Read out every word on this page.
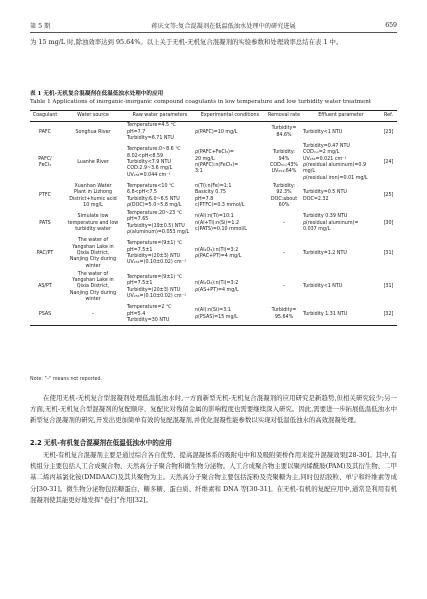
第 5 期	蒋庆文等:复合混凝剂在低温低浊水处理中的研究进展	659

为 15 mg/L 时,除浊效率达到 95.64%。以上关于无机-无机复合混凝剂的实验参数和处理效率总结在表 1 中。

表 1 无机-无机复合混凝剂在低温低浊水处理中的应用
Table 1 Applications of inorganic-inorganic compound coagulants in low temperature and low turbidity water treatment
Coagulant	Water source	Raw water parameters	Experimental conditions	Removal rate	Effluent parameter	Ref.

PAFC	Songhua River	Temperature=4.5 ℃
pH=7.7
Turbidity=6.71 NTU	ρ(PAFC)=10 mg/L	Turbidity=
84.6%	Turbidity<1 NTU	[23]

PAFC/
FeCl₃	Luanhe River	Temperature:0~8.6 ℃
8.02<pH<8.59
Turbidity<7.9 NTU
COD:2.9~3.6 mg/L
UV₂₅₄=0.044 cm⁻¹	ρ(PAFC+FeCl₃)=
20 mg/L
n(PAFC):n(FeCl₃)=
3:1	Turbidity:
94%
COD₃ₘ:43%
UV₂₅₄:64%	Turbidity=0.47 NTU
CODₘₙ=2 mg/L
UV₂₅₄=0.021 cm⁻¹
ρ(residual aluminum)=0.9 mg/L
ρ(residual iron)=0.01 mg/L	[24]

PTFC	Xuanhan Water
Plant in Lizhong
District+humic acid
10 mg/L	Temperature<10 ℃
6.8<pH<7.5
Turbidity:6.0~6.5 NTU
ρ(DOC)=5.0~5.8 mg/L	n(Ti):n(Fe)=1:1
Basicity 0.75
pH=7.8
c(PTFC)=0.3 mmol/L	Turbidity:
92.3%
DOC:about
60%	Turbidity=0.5 NTU
DOC=2.32	[25]

PATS	Simulate low
temperature and low
turbidity water	Temperature:20~23 ℃
pH=7.65
Turbidity=(19±0.5) NTU
ρ(aluminum)=0.053 mg/L	n(Al):n(Ti)=10:1
n(Al+Ti):n(Si)=1:2
c(PATS)=0.10 mmol/L	–	Turbidity 0.39 NTU
ρ(residual aluminum)=
0.037 mg/L	[30]

PAC/PT	The water of
Yangshan Lake in
Qixia District,
Nanjing City during
winter	Temperature=(9±1) ℃
pH=7.5±1
Turbidity=(20±3) NTU
UV₂₅₄=(0.10±0.02) cm⁻¹	n(Al₂O₃):n(Ti)=3:2
ρ(PAC+PT)=4 mg/L	–	Turbidity=1.2 NTU	[31]

AS/PT	The water of
Yangshan Lake in
Qixia District,
Nanjing City during
winter	Temperature=(9±1) ℃
pH=7.5±1
Turbidity=(20±3) NTU
UV₂₅₄=(0.10±0.02) cm⁻¹	n(Al₂O₃):n(Ti)=3:2
ρ(AS+PT)=4 mg/L	–	Turbidity<1 NTU	[31]

PSAS	–	Temperature=2 ℃
pH=5.4
Turbidity=30 NTU	n(Al):n(Si)=3:1
ρ(PSAS)=15 mg/L	Turbidity=
95.64%	Turbidity 1.31 NTU	[32]
Note: "–" means not reported.

在使用无机-无机复合型混凝剂处理低温低浊水时,一方面新型无机-无机复合混凝剂的应用研究是新趋势,但相关研究较少;另一方面,无机-无机复合型混凝剂的复配顺序、复配比对残留金属的影响程度也需要继续深入研究。因此,需要进一步拓展低温低浊水中新型复合混凝剂的研究,开发出更加简单有效的复配混凝剂,并优化混凝性能参数以实现对低温低浊水的高效混凝处理。

2.2 无机-有机复合混凝剂在低温低浊水中的应用

无机-有机复合混凝剂主要是通过综合各自优势、提高混凝体系的吸附电中和及吸附架桥作用来提升混凝效果[28-30]。其中,有机组分主要包括人工合成聚合物、天然高分子聚合物和微生物分泌物。人工合成聚合物主要以聚丙烯酰胺(PAM)及其衍生物、二甲基二烯丙基氯化铵(DMDAAC)及其共聚物为主。天然高分子聚合物主要包括淀粉及壳聚糖为主,同时包括胶粒、单宁和纤维素等成分[30-31]。微生物分泌物包括糖蛋白、糖多糖、蛋白质、纤维素和 DNA 等[30-31]。在无机-有机的复配应用中,通常是利用有机混凝剂使其能更好地发挥“卷扫”作用[32]。
